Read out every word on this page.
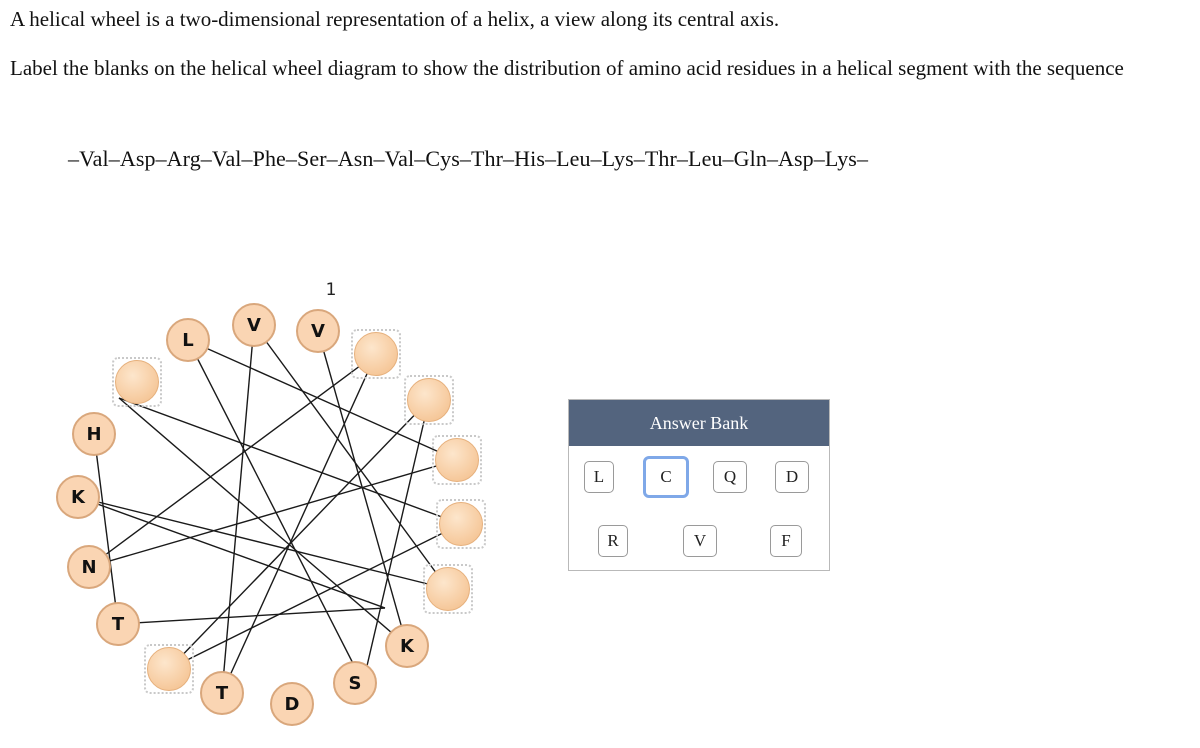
A helical wheel is a two-dimensional representation of a helix, a view along its central axis.

Label the blanks on the helical wheel diagram to show the distribution of amino acid residues in a helical segment with the sequence

–Val–Asp–Arg–Val–Phe–Ser–Asn–Val–Cys–Thr–His–Leu–Lys–Thr–Leu–Gln–Asp–Lys–
1
V
V
L
H
K
N
T
T
D
S
K
Answer Bank
L	C	Q	D
R	V	F
